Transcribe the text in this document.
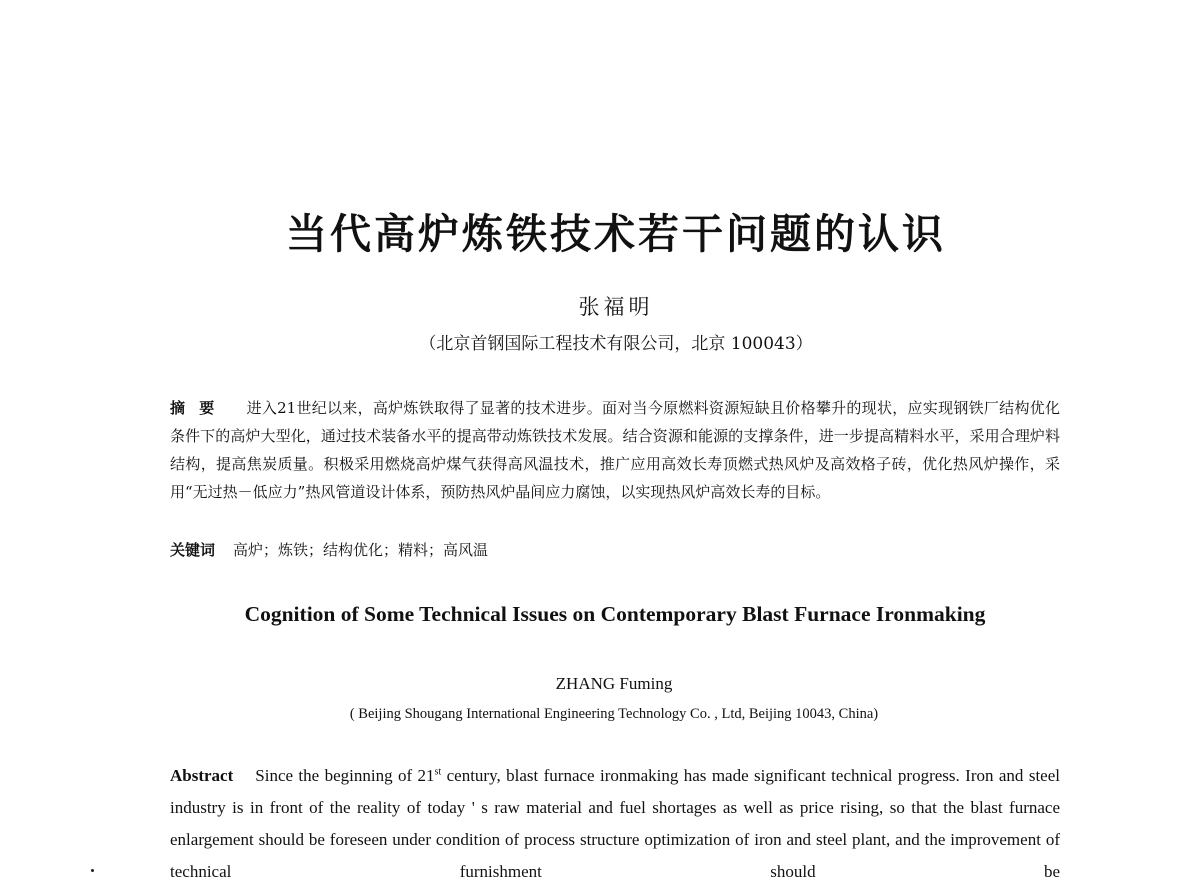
当代高炉炼铁技术若干问题的认识
张福明
（北京首钢国际工程技术有限公司，北京 100043）
摘要 进入21世纪以来，高炉炼铁取得了显著的技术进步。面对当今原燃料资源短缺且价格攀升的现状，应实现钢铁厂结构优化条件下的高炉大型化，通过技术装备水平的提高带动炼铁技术发展。结合资源和能源的支撑条件，进一步提高精料水平，采用合理炉料结构，提高焦炭质量。积极采用燃烧高炉煤气获得高风温技术，推广应用高效长寿顶燃式热风炉及高效格子砖，优化热风炉操作，采用“无过热－低应力”热风管道设计体系，预防热风炉晶间应力腐蚀，以实现热风炉高效长寿的目标。
关键词 高炉；炼铁；结构优化；精料；高风温
Cognition of Some Technical Issues on Contemporary Blast Furnace Ironmaking
ZHANG Fuming
( Beijing Shougang International Engineering Technology Co. , Ltd, Beijing 10043, China)
Abstract Since the beginning of 21st century, blast furnace ironmaking has made significant technical progress. Iron and steel industry is in front of the reality of today ' s raw material and fuel shortages as well as price rising, so that the blast furnace enlargement should be foreseen under condition of process structure optimization of iron and steel plant, and the improvement of technical furnishment should be
